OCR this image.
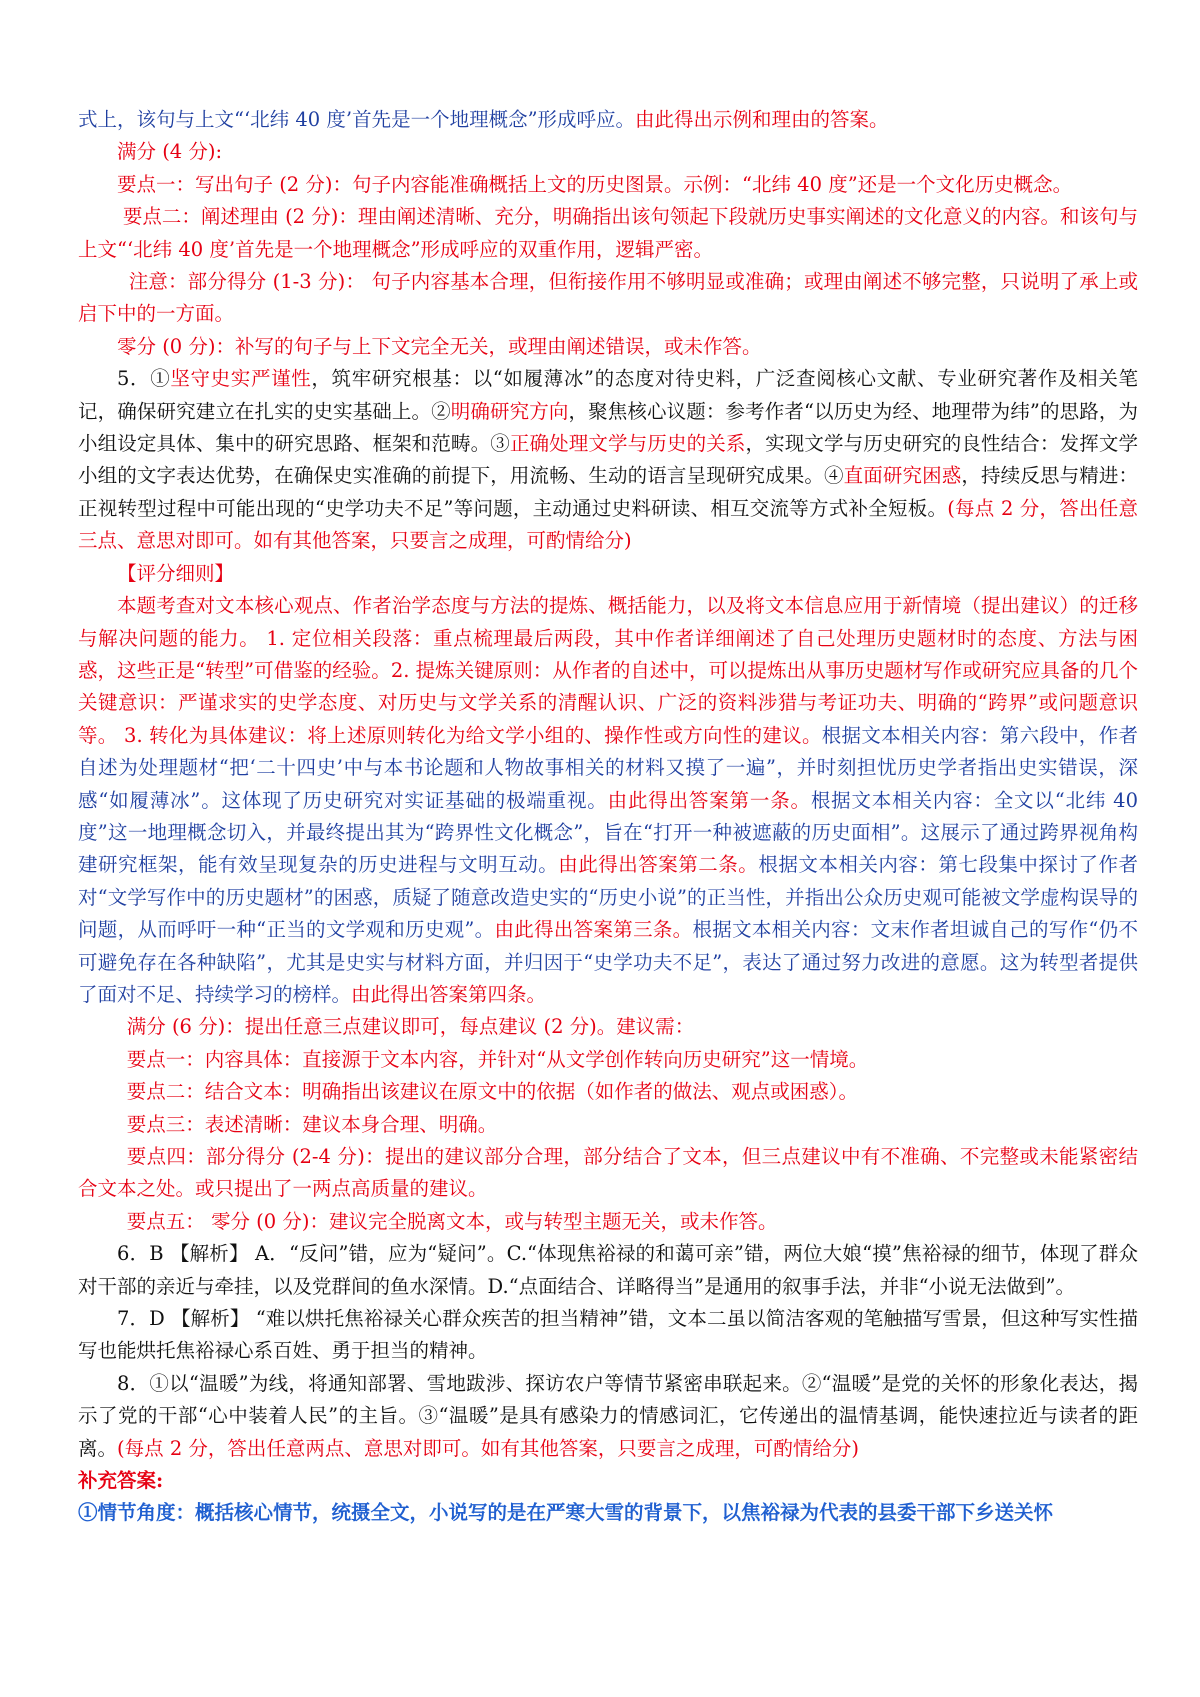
式上，该句与上文“‘北纬 40 度’首先是一个地理概念”形成呼应。由此得出示例和理由的答案。

满分 (4 分):

要点一：写出句子 (2 分)：句子内容能准确概括上文的历史图景。示例：“北纬 40 度”还是一个文化历史概念。

要点二：阐述理由 (2 分)：理由阐述清晰、充分，明确指出该句领起下段就历史事实阐述的文化意义的内容。和该句与上文“‘北纬 40 度’首先是一个地理概念”形成呼应的双重作用，逻辑严密。

注意：部分得分 (1-3 分)： 句子内容基本合理，但衔接作用不够明显或准确；或理由阐述不够完整，只说明了承上或启下中的一方面。

零分 (0 分)：补写的句子与上下文完全无关，或理由阐述错误，或未作答。

5．①坚守史实严谨性，筑牢研究根基：以“如履薄冰”的态度对待史料，广泛查阅核心文献、专业研究著作及相关笔记，确保研究建立在扎实的史实基础上。②明确研究方向，聚焦核心议题：参考作者“以历史为经、地理带为纬”的思路，为小组设定具体、集中的研究思路、框架和范畴。③正确处理文学与历史的关系，实现文学与历史研究的良性结合：发挥文学小组的文字表达优势，在确保史实准确的前提下，用流畅、生动的语言呈现研究成果。④直面研究困惑，持续反思与精进：正视转型过程中可能出现的“史学功夫不足”等问题，主动通过史料研读、相互交流等方式补全短板。(每点 2 分，答出任意三点、意思对即可。如有其他答案，只要言之成理，可酌情给分)

【评分细则】

本题考查对文本核心观点、作者治学态度与方法的提炼、概括能力，以及将文本信息应用于新情境（提出建议）的迁移与解决问题的能力。 1. 定位相关段落：重点梳理最后两段，其中作者详细阐述了自己处理历史题材时的态度、方法与困惑，这些正是“转型”可借鉴的经验。2. 提炼关键原则：从作者的自述中，可以提炼出从事历史题材写作或研究应具备的几个关键意识：严谨求实的史学态度、对历史与文学关系的清醒认识、广泛的资料涉猎与考证功夫、明确的“跨界”或问题意识等。 3. 转化为具体建议：将上述原则转化为给文学小组的、操作性或方向性的建议。根据文本相关内容：第六段中，作者自述为处理题材“把‘二十四史’中与本书论题和人物故事相关的材料又摸了一遍”，并时刻担忧历史学者指出史实错误，深感“如履薄冰”。这体现了历史研究对实证基础的极端重视。由此得出答案第一条。根据文本相关内容：全文以“北纬 40 度”这一地理概念切入，并最终提出其为“跨界性文化概念”，旨在“打开一种被遮蔽的历史面相”。这展示了通过跨界视角构建研究框架，能有效呈现复杂的历史进程与文明互动。由此得出答案第二条。根据文本相关内容：第七段集中探讨了作者对“文学写作中的历史题材”的困惑，质疑了随意改造史实的“历史小说”的正当性，并指出公众历史观可能被文学虚构误导的问题，从而呼吁一种“正当的文学观和历史观”。由此得出答案第三条。根据文本相关内容：文末作者坦诚自己的写作“仍不可避免存在各种缺陷”，尤其是史实与材料方面，并归因于“史学功夫不足”，表达了通过努力改进的意愿。这为转型者提供了面对不足、持续学习的榜样。由此得出答案第四条。

满分 (6 分)：提出任意三点建议即可，每点建议 (2 分)。建议需：

要点一：内容具体：直接源于文本内容，并针对“从文学创作转向历史研究”这一情境。

要点二：结合文本：明确指出该建议在原文中的依据（如作者的做法、观点或困惑）。

要点三：表述清晰：建议本身合理、明确。

要点四：部分得分 (2-4 分)：提出的建议部分合理，部分结合了文本，但三点建议中有不准确、不完整或未能紧密结合文本之处。或只提出了一两点高质量的建议。

要点五： 零分 (0 分)：建议完全脱离文本，或与转型主题无关，或未作答。

6．B 【解析】 A．“反问”错，应为“疑问”。C.“体现焦裕禄的和蔼可亲”错，两位大娘“摸”焦裕禄的细节，体现了群众对干部的亲近与牵挂，以及党群间的鱼水深情。D.“点面结合、详略得当”是通用的叙事手法，并非“小说无法做到”。

7．D 【解析】 “难以烘托焦裕禄关心群众疾苦的担当精神”错，文本二虽以简洁客观的笔触描写雪景，但这种写实性描写也能烘托焦裕禄心系百姓、勇于担当的精神。

8．①以“温暖”为线，将通知部署、雪地跋涉、探访农户等情节紧密串联起来。②“温暖”是党的关怀的形象化表达，揭示了党的干部“心中装着人民”的主旨。③“温暖”是具有感染力的情感词汇，它传递出的温情基调，能快速拉近与读者的距离。(每点 2 分，答出任意两点、意思对即可。如有其他答案，只要言之成理，可酌情给分)

补充答案:

①情节角度：概括核心情节，统摄全文，小说写的是在严寒大雪的背景下，以焦裕禄为代表的县委干部下乡送关怀
